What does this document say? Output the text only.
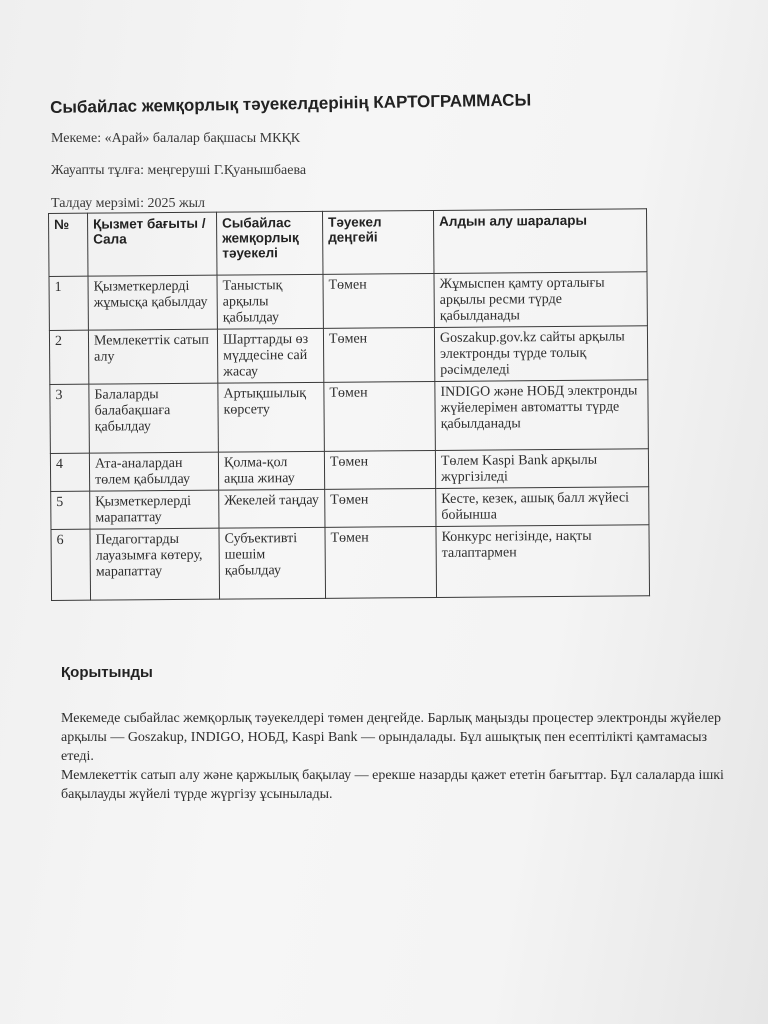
Сыбайлас жемқорлық тәуекелдерінің КАРТОГРАММАСЫ
Мекеме: «Арай» балалар бақшасы МКҚК
Жауапты тұлға: меңгеруші Г.Қуанышбаева
Талдау мерзімі: 2025 жыл
№	Қызмет бағыты / Сала	Сыбайлас жемқорлық тәуекелі	Тәуекел деңгейі	Алдын алу шаралары
1	Қызметкерлерді жұмысқа қабылдау	Таныстық арқылы қабылдау	Төмен	Жұмыспен қамту орталығы арқылы ресми түрде қабылданады
2	Мемлекеттік сатып алу	Шарттарды өз мүддесіне сай жасау	Төмен	Goszakup.gov.kz сайты арқылы электронды түрде толық рәсімделеді
3	Балаларды балабақшаға қабылдау	Артықшылық көрсету	Төмен	INDIGO және НОБД электронды жүйелерімен автоматты түрде қабылданады
4	Ата-аналардан төлем қабылдау	Қолма-қол ақша жинау	Төмен	Төлем Kaspi Bank арқылы жүргізіледі
5	Қызметкерлерді марапаттау	Жекелей таңдау	Төмен	Кесте, кезек, ашық балл жүйесі бойынша
6	Педагогтарды лауазымға көтеру, марапаттау	Субъективті шешім қабылдау	Төмен	Конкурс негізінде, нақты талаптармен
Қорытынды

Мекемеде сыбайлас жемқорлық тәуекелдері төмен деңгейде. Барлық маңызды процестер электронды жүйелер арқылы — Goszakup, INDIGO, НОБД, Kaspi Bank — орындалады. Бұл ашықтық пен есептілікті қамтамасыз етеді.

Мемлекеттік сатып алу және қаржылық бақылау — ерекше назарды қажет ететін бағыттар. Бұл салаларда ішкі бақылауды жүйелі түрде жүргізу ұсынылады.
